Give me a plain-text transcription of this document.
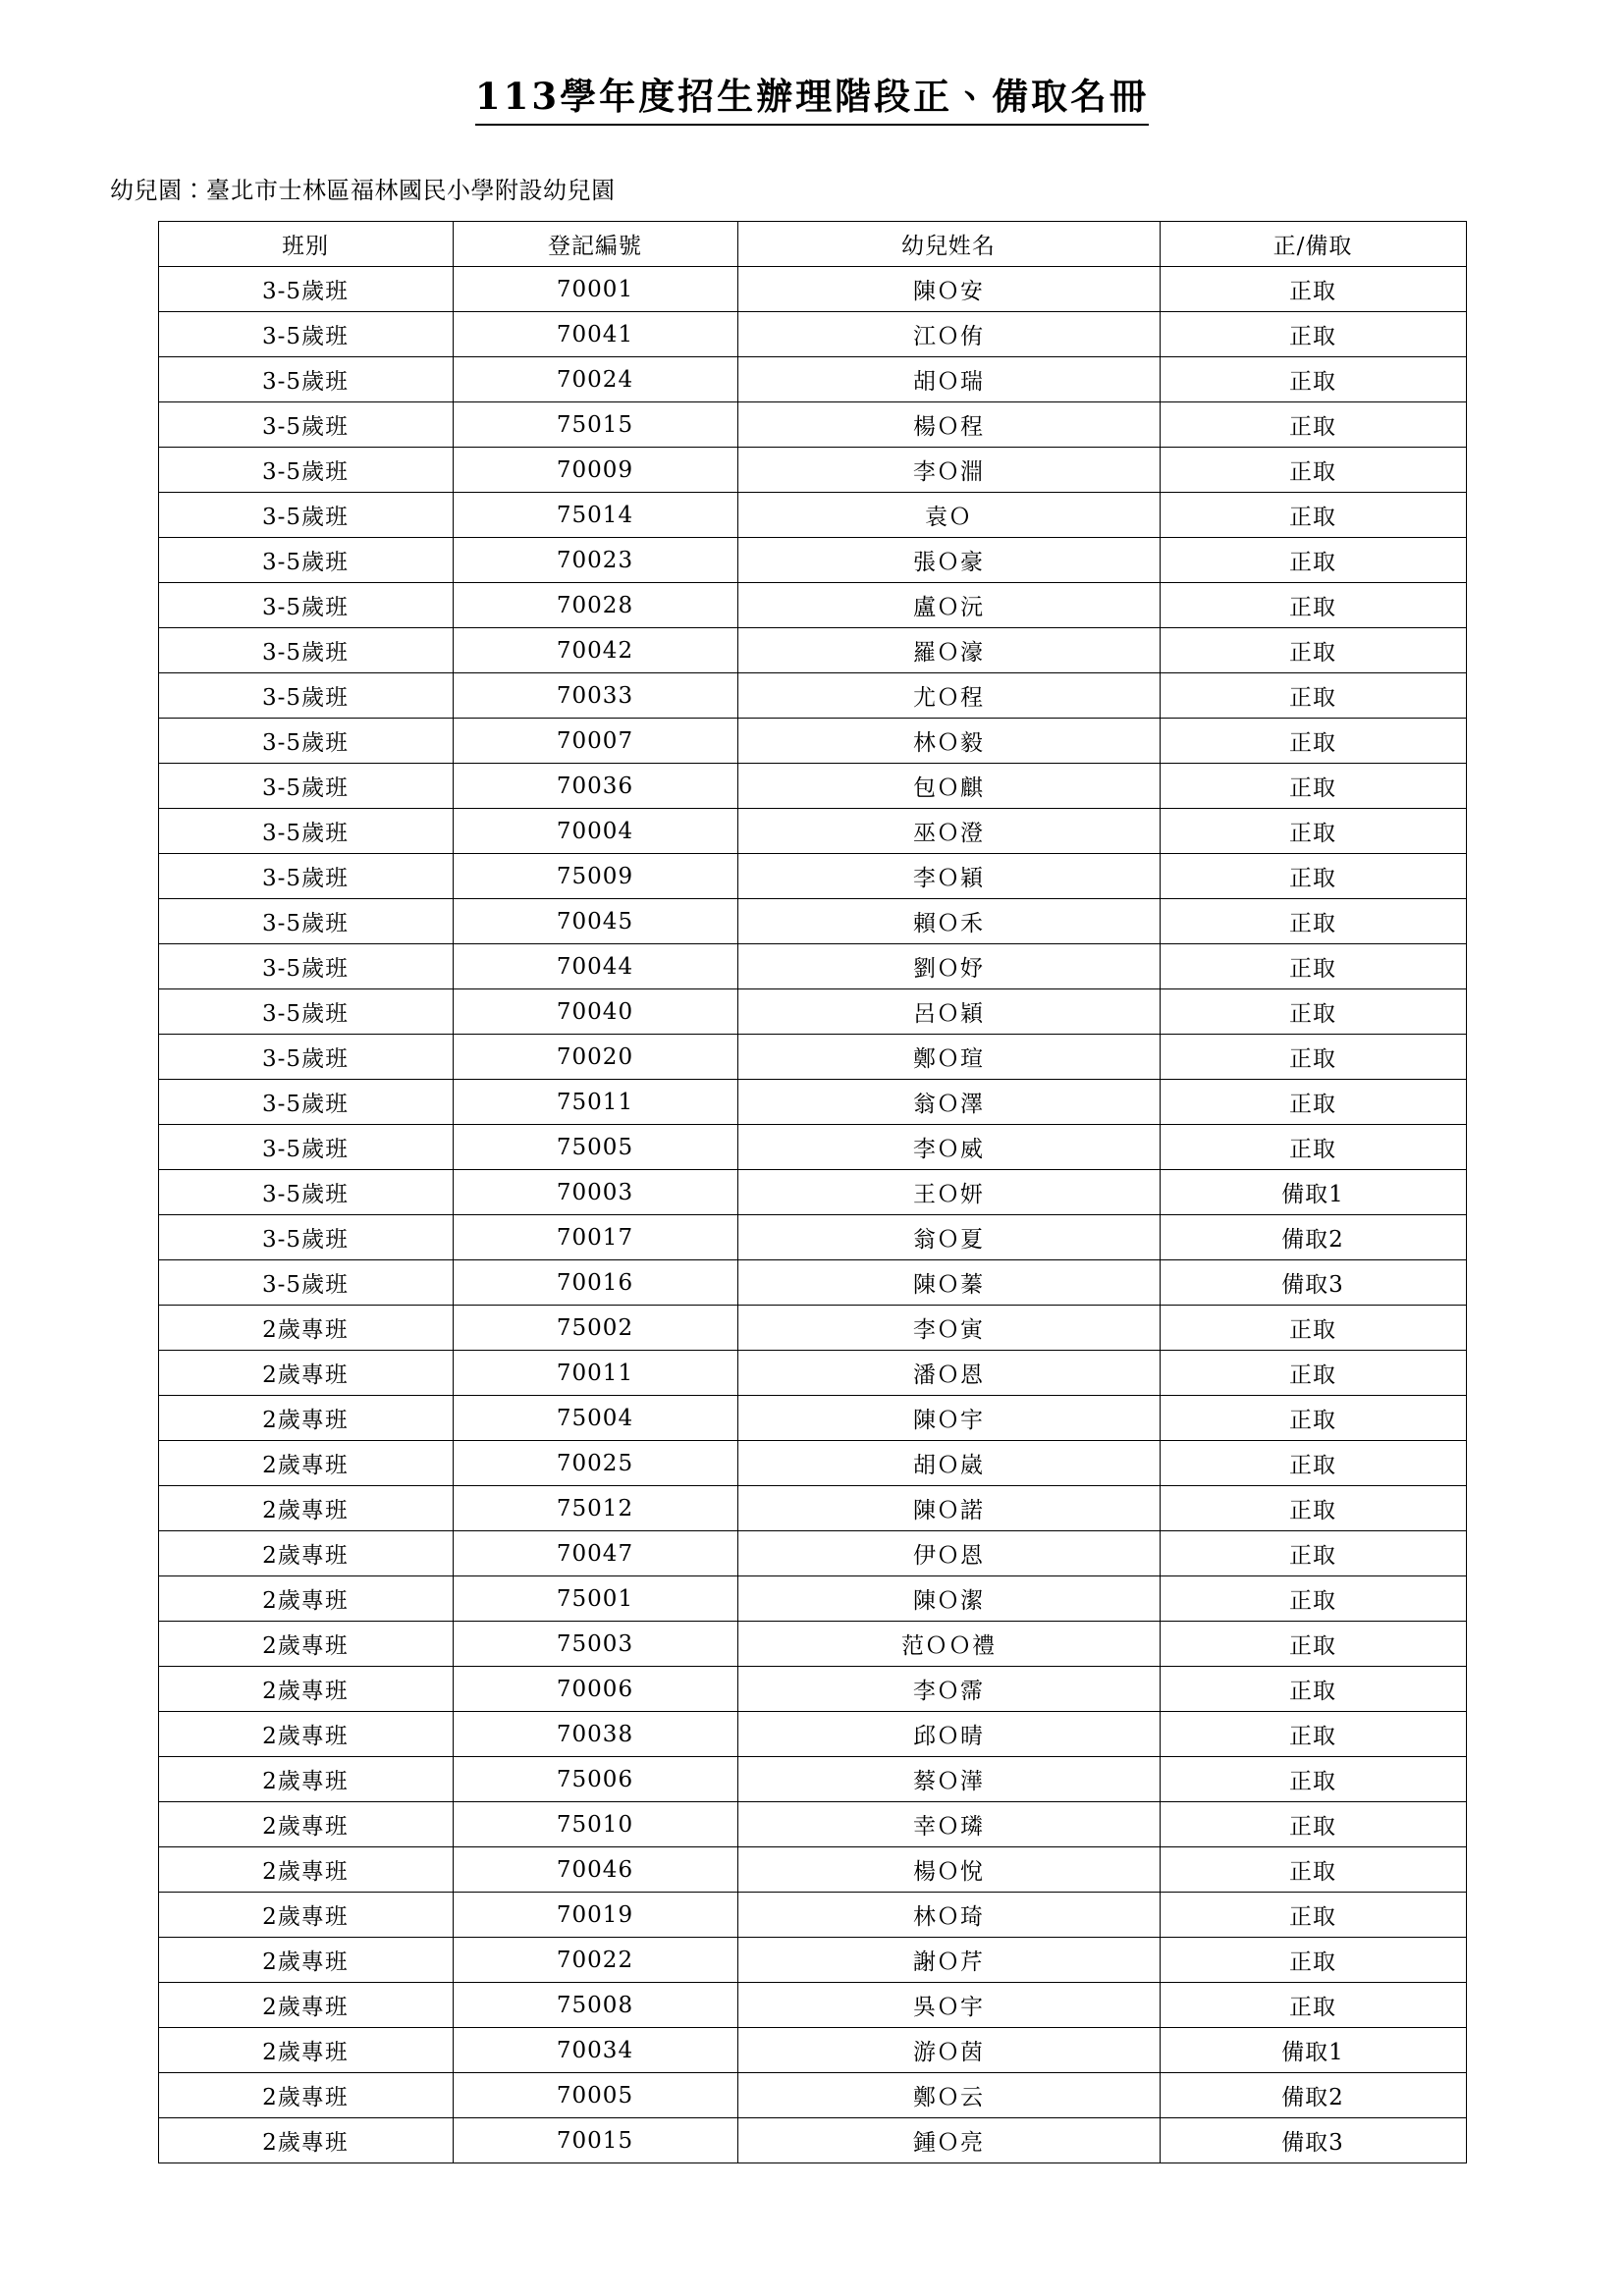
113學年度招生辦理階段正、備取名冊
幼兒園：臺北市士林區福林國民小學附設幼兒園
班別	登記編號	幼兒姓名	正/備取
3-5歲班	70001	陳Ｏ安	正取
3-5歲班	70041	江Ｏ侑	正取
3-5歲班	70024	胡Ｏ瑞	正取
3-5歲班	75015	楊Ｏ程	正取
3-5歲班	70009	李Ｏ淵	正取
3-5歲班	75014	袁Ｏ	正取
3-5歲班	70023	張Ｏ豪	正取
3-5歲班	70028	盧Ｏ沅	正取
3-5歲班	70042	羅Ｏ濠	正取
3-5歲班	70033	尤Ｏ程	正取
3-5歲班	70007	林Ｏ毅	正取
3-5歲班	70036	包Ｏ麒	正取
3-5歲班	70004	巫Ｏ澄	正取
3-5歲班	75009	李Ｏ穎	正取
3-5歲班	70045	賴Ｏ禾	正取
3-5歲班	70044	劉Ｏ妤	正取
3-5歲班	70040	呂Ｏ穎	正取
3-5歲班	70020	鄭Ｏ瑄	正取
3-5歲班	75011	翁Ｏ澤	正取
3-5歲班	75005	李Ｏ威	正取
3-5歲班	70003	王Ｏ妍	備取1
3-5歲班	70017	翁Ｏ夏	備取2
3-5歲班	70016	陳Ｏ蓁	備取3
2歲專班	75002	李Ｏ寅	正取
2歲專班	70011	潘Ｏ恩	正取
2歲專班	75004	陳Ｏ宇	正取
2歲專班	70025	胡Ｏ崴	正取
2歲專班	75012	陳Ｏ諾	正取
2歲專班	70047	伊Ｏ恩	正取
2歲專班	75001	陳Ｏ潔	正取
2歲專班	75003	范ＯＯ禮	正取
2歲專班	70006	李Ｏ霈	正取
2歲專班	70038	邱Ｏ晴	正取
2歲專班	75006	蔡Ｏ澕	正取
2歲專班	75010	幸Ｏ璘	正取
2歲專班	70046	楊Ｏ悅	正取
2歲專班	70019	林Ｏ琦	正取
2歲專班	70022	謝Ｏ芹	正取
2歲專班	75008	吳Ｏ宇	正取
2歲專班	70034	游Ｏ茵	備取1
2歲專班	70005	鄭Ｏ云	備取2
2歲專班	70015	鍾Ｏ亮	備取3
